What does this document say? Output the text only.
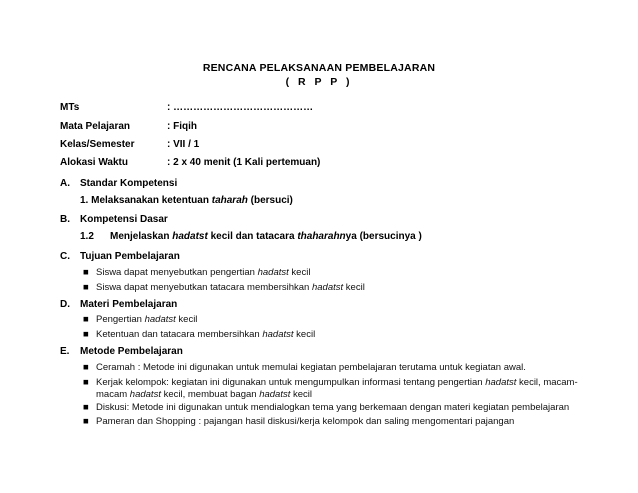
RENCANA PELAKSANAAN PEMBELAJARAN
( R P P )
MTs	: ……………………………………
Mata Pelajaran	: Fiqih
Kelas/Semester	: VII / 1
Alokasi Waktu	: 2 x 40 menit (1 Kali pertemuan)
A. Standar Kompetensi
1. Melaksanakan ketentuan taharah (bersuci)
B. Kompetensi Dasar
1.2 Menjelaskan hadatst kecil dan tatacara thaharahnya (bersucinya )
C. Tujuan Pembelajaran
■ Siswa dapat menyebutkan pengertian hadatst kecil
■ Siswa dapat menyebutkan tatacara membersihkan hadatst kecil
D. Materi Pembelajaran
■ Pengertian hadatst kecil
■ Ketentuan dan tatacara membersihkan hadatst kecil
E. Metode Pembelajaran
■ Ceramah : Metode ini digunakan untuk memulai kegiatan pembelajaran terutama untuk kegiatan awal.
■ Kerjak kelompok: kegiatan ini digunakan untuk mengumpulkan informasi tentang pengertian hadatst kecil, macam-
macam hadatst kecil, membuat bagan hadatst kecil
■ Diskusi: Metode ini digunakan untuk mendialogkan tema yang berkemaan dengan materi kegiatan pembelajaran
■ Pameran dan Shopping : pajangan hasil diskusi/kerja kelompok dan saling mengomentari pajangan
